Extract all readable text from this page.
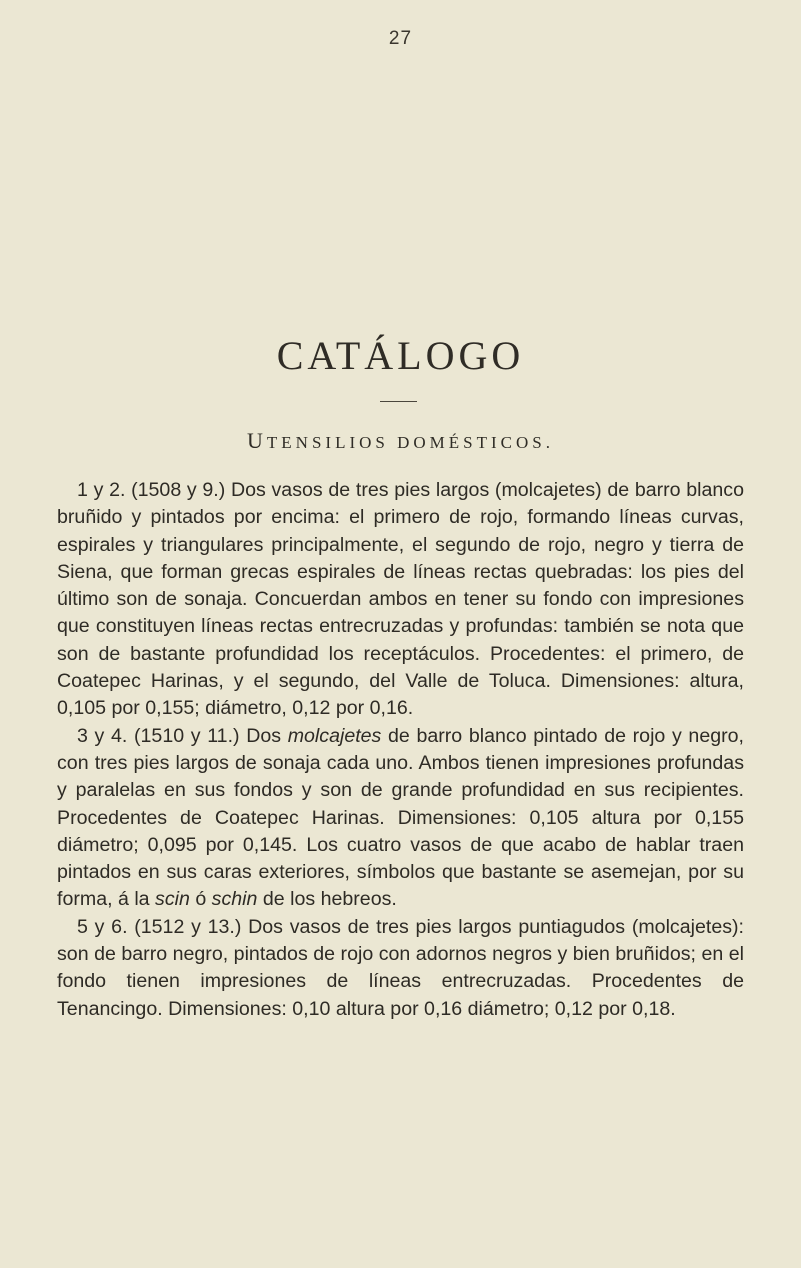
27
CATÁLOGO
UTENSILIOS DOMÉSTICOS.

1 y 2. (1508 y 9.) Dos vasos de tres pies largos (molcajetes) de barro blanco bruñido y pintados por encima: el primero de rojo, formando líneas curvas, espirales y triangulares principalmente, el segundo de rojo, negro y tierra de Siena, que forman grecas espirales de líneas rectas quebradas: los pies del último son de sonaja. Concuerdan ambos en tener su fondo con impresiones que constituyen líneas rectas entrecruzadas y profundas: también se nota que son de bastante profundidad los receptáculos. Procedentes: el primero, de Coatepec Harinas, y el segundo, del Valle de Toluca. Dimensiones: altura, 0,105 por 0,155; diámetro, 0,12 por 0,16.

3 y 4. (1510 y 11.) Dos molcajetes de barro blanco pintado de rojo y negro, con tres pies largos de sonaja cada uno. Ambos tienen impresiones profundas y paralelas en sus fondos y son de grande profundidad en sus recipientes. Procedentes de Coatepec Harinas. Dimensiones: 0,105 altura por 0,155 diámetro; 0,095 por 0,145. Los cuatro vasos de que acabo de hablar traen pintados en sus caras exteriores, símbolos que bastante se asemejan, por su forma, á la scin ó schin de los hebreos.

5 y 6. (1512 y 13.) Dos vasos de tres pies largos puntiagudos (molcajetes): son de barro negro, pintados de rojo con adornos negros y bien bruñidos; en el fondo tienen impresiones de líneas entrecruzadas. Procedentes de Tenancingo. Dimensiones: 0,10 altura por 0,16 diámetro; 0,12 por 0,18.
